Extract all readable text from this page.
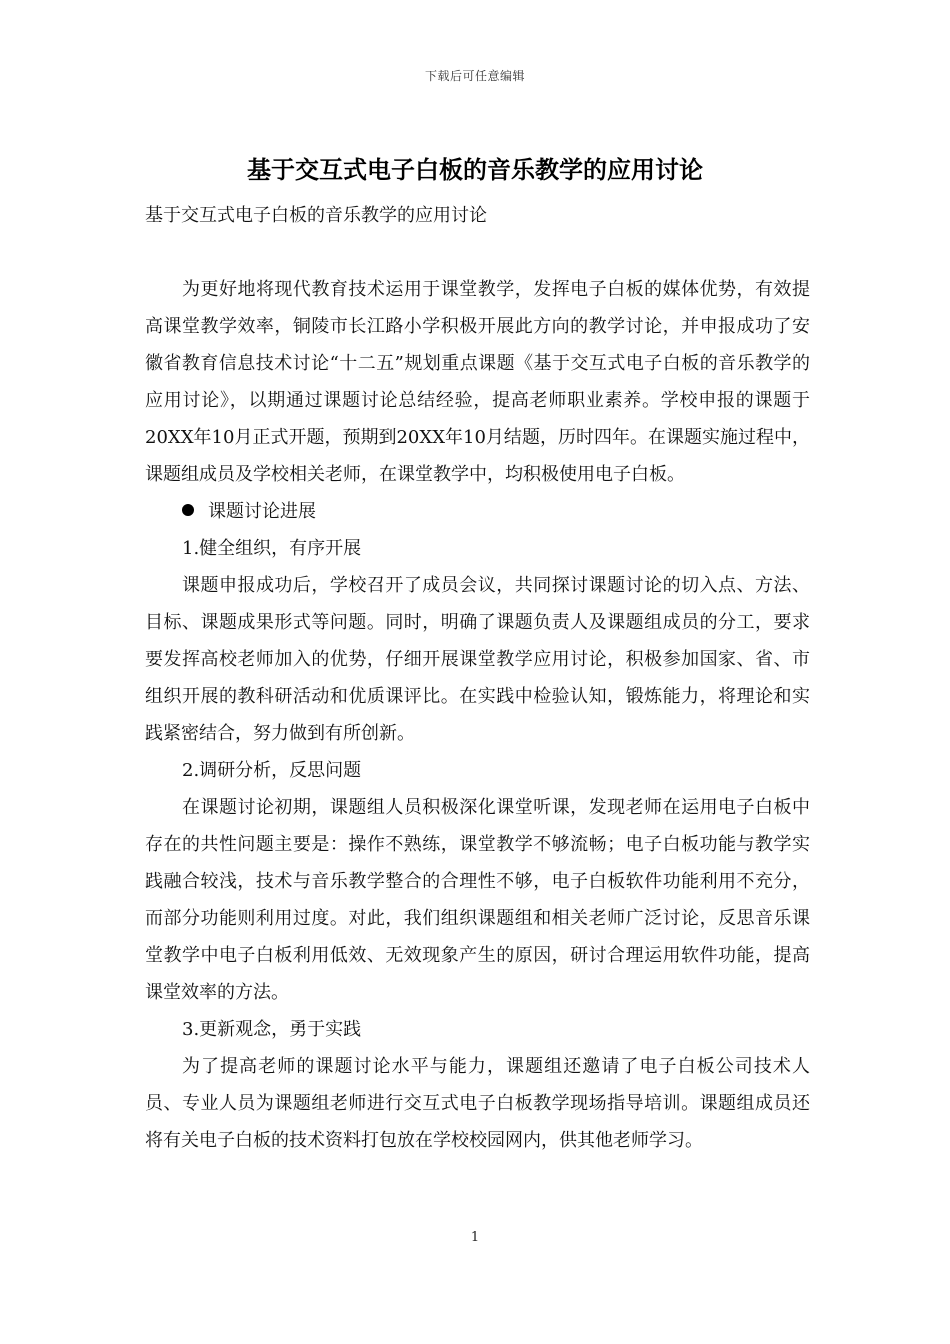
下载后可任意编辑
基于交互式电子白板的音乐教学的应用讨论

基于交互式电子白板的音乐教学的应用讨论

为更好地将现代教育技术运用于课堂教学，发挥电子白板的媒体优势，有效提高课堂教学效率，铜陵市长江路小学积极开展此方向的教学讨论，并申报成功了安徽省教育信息技术讨论“十二五”规划重点课题《基于交互式电子白板的音乐教学的应用讨论》，以期通过课题讨论总结经验，提高老师职业素养。学校申报的课题于20XX年10月正式开题，预期到20XX年10月结题，历时四年。在课题实施过程中，课题组成员及学校相关老师，在课堂教学中，均积极使用电子白板。

课题讨论进展

1.健全组织，有序开展

课题申报成功后，学校召开了成员会议，共同探讨课题讨论的切入点、方法、目标、课题成果形式等问题。同时，明确了课题负责人及课题组成员的分工，要求要发挥高校老师加入的优势，仔细开展课堂教学应用讨论，积极参加国家、省、市组织开展的教科研活动和优质课评比。在实践中检验认知，锻炼能力，将理论和实践紧密结合，努力做到有所创新。

2.调研分析，反思问题

在课题讨论初期，课题组人员积极深化课堂听课，发现老师在运用电子白板中存在的共性问题主要是：操作不熟练，课堂教学不够流畅；电子白板功能与教学实践融合较浅，技术与音乐教学整合的合理性不够，电子白板软件功能利用不充分，而部分功能则利用过度。对此，我们组织课题组和相关老师广泛讨论，反思音乐课堂教学中电子白板利用低效、无效现象产生的原因，研讨合理运用软件功能，提高课堂效率的方法。

3.更新观念，勇于实践

为了提高老师的课题讨论水平与能力，课题组还邀请了电子白板公司技术人员、专业人员为课题组老师进行交互式电子白板教学现场指导培训。课题组成员还将有关电子白板的技术资料打包放在学校校园网内，供其他老师学习。

1
